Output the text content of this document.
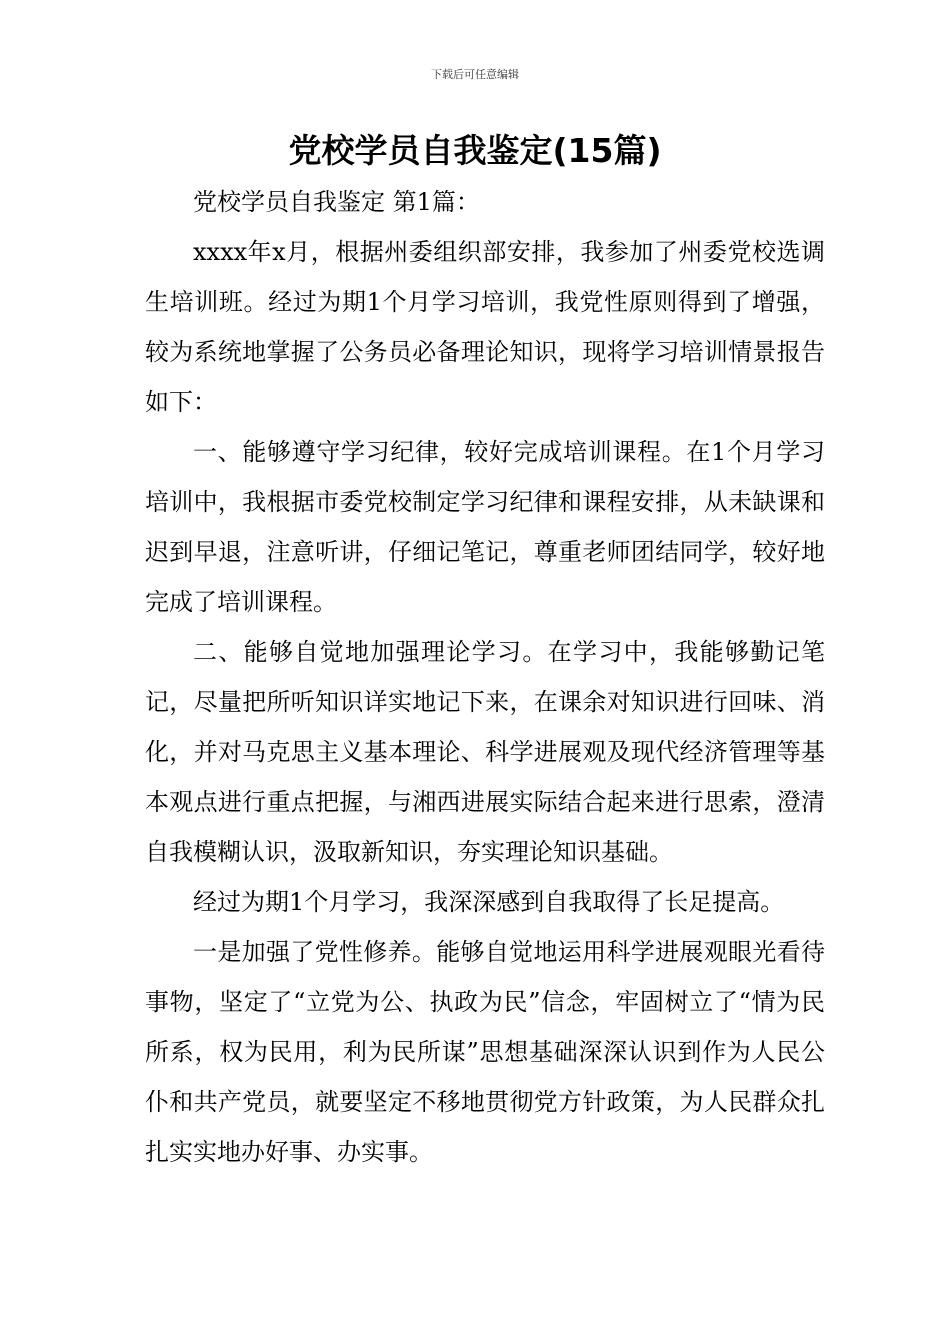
下载后可任意编辑
党校学员自我鉴定(15篇)

党校学员自我鉴定 第1篇：

xxxx年x月，根据州委组织部安排，我参加了州委党校选调生培训班。经过为期1个月学习培训，我党性原则得到了增强，较为系统地掌握了公务员必备理论知识，现将学习培训情景报告如下：

一、能够遵守学习纪律，较好完成培训课程。在1个月学习培训中，我根据市委党校制定学习纪律和课程安排，从未缺课和迟到早退，注意听讲，仔细记笔记，尊重老师团结同学，较好地完成了培训课程。

二、能够自觉地加强理论学习。在学习中，我能够勤记笔记，尽量把所听知识详实地记下来，在课余对知识进行回味、消化，并对马克思主义基本理论、科学进展观及现代经济管理等基本观点进行重点把握，与湘西进展实际结合起来进行思索，澄清自我模糊认识，汲取新知识，夯实理论知识基础。

经过为期1个月学习，我深深感到自我取得了长足提高。

一是加强了党性修养。能够自觉地运用科学进展观眼光看待事物，坚定了“立党为公、执政为民”信念，牢固树立了“情为民所系，权为民用，利为民所谋”思想基础深深认识到作为人民公仆和共产党员，就要坚定不移地贯彻党方针政策，为人民群众扎扎实实地办好事、办实事。
